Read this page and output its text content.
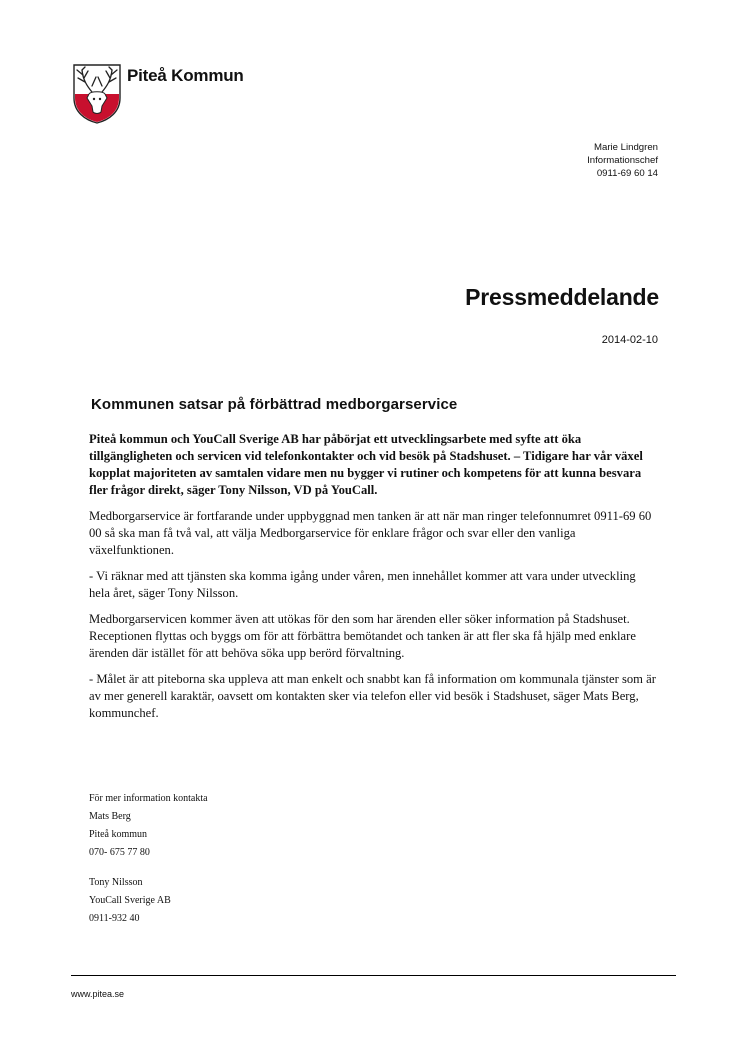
Piteå Kommun
Marie Lindgren
Informationschef
0911-69 60 14
Pressmeddelande
2014-02-10
Kommunen satsar på förbättrad medborgarservice

Piteå kommun och YouCall Sverige AB har påbörjat ett utvecklingsarbete med syfte att öka tillgängligheten och servicen vid telefonkontakter och vid besök på Stadshuset. – Tidigare har vår växel kopplat majoriteten av samtalen vidare men nu bygger vi rutiner och kompetens för att kunna besvara fler frågor direkt, säger Tony Nilsson, VD på YouCall.

Medborgarservice är fortfarande under uppbyggnad men tanken är att när man ringer telefonnumret 0911-69 60 00 så ska man få två val, att välja Medborgarservice för enklare frågor och svar eller den vanliga växelfunktionen.

- Vi räknar med att tjänsten ska komma igång under våren, men innehållet kommer att vara under utveckling hela året, säger Tony Nilsson.

Medborgarservicen kommer även att utökas för den som har ärenden eller söker information på Stadshuset. Receptionen flyttas och byggs om för att förbättra bemötandet och tanken är att fler ska få hjälp med enklare ärenden där istället för att behöva söka upp berörd förvaltning.

- Målet är att piteborna ska uppleva att man enkelt och snabbt kan få information om kommunala tjänster som är av mer generell karaktär, oavsett om kontakten sker via telefon eller vid besök i Stadshuset, säger Mats Berg, kommunchef.

För mer information kontakta
Mats Berg
Piteå kommun
070- 675 77 80
Tony Nilsson
YouCall Sverige AB
0911-932 40
www.pitea.se
